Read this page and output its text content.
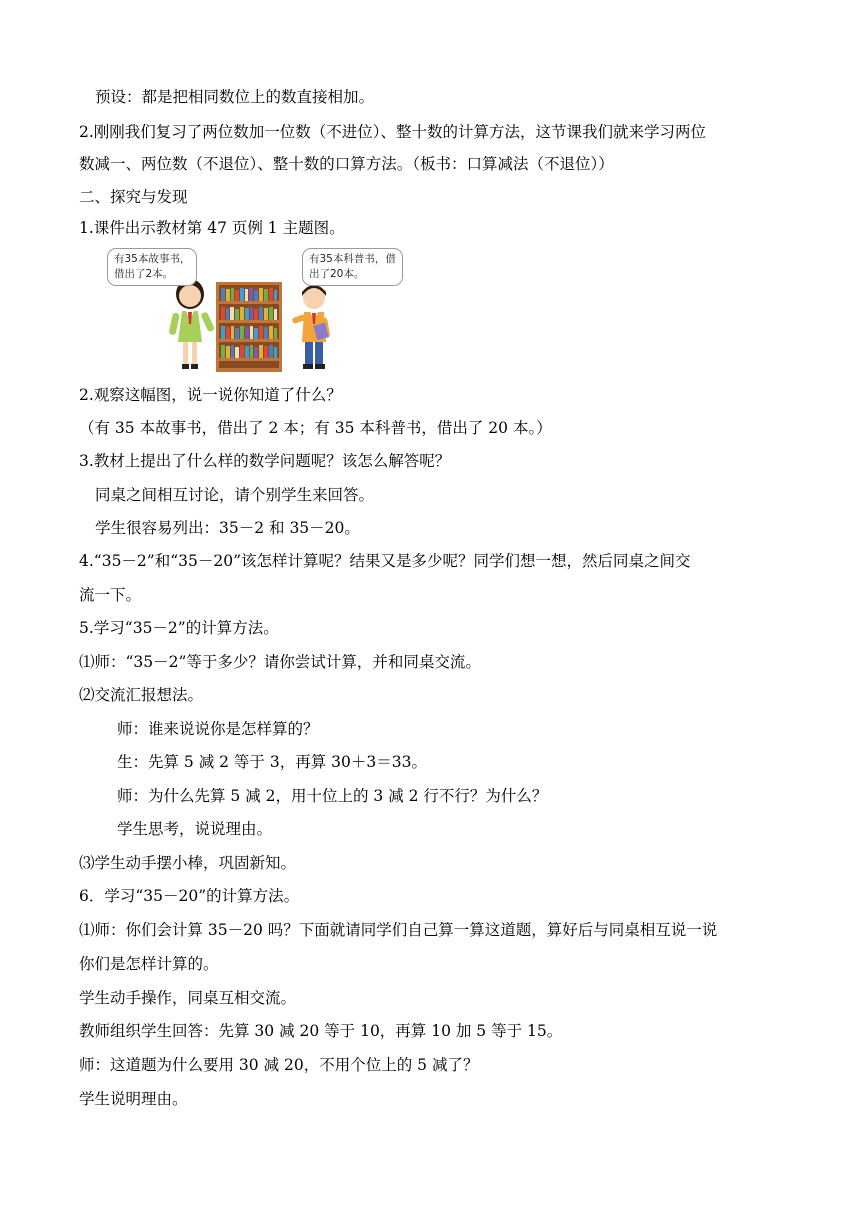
预设：都是把相同数位上的数直接相加。
2.刚刚我们复习了两位数加一位数（不进位）、整十数的计算方法，这节课我们就来学习两位
数减一、两位数（不退位）、整十数的口算方法。（板书：口算减法（不退位））
二、探究与发现
1.课件出示教材第 47 页例 1 主题图。
有35本故事书，
借出了2本。
有35本科普书，借
出了20本。
2.观察这幅图，说一说你知道了什么？
（有 35 本故事书，借出了 2 本；有 35 本科普书，借出了 20 本。）
3.教材上提出了什么样的数学问题呢？该怎么解答呢？
同桌之间相互讨论，请个别学生来回答。
学生很容易列出：35－2 和 35－20。
4.“35－2”和“35－20”该怎样计算呢？结果又是多少呢？同学们想一想，然后同桌之间交
流一下。
5.学习“35－2”的计算方法。
⑴师：“35－2”等于多少？请你尝试计算，并和同桌交流。
⑵交流汇报想法。
师：谁来说说你是怎样算的？
生：先算 5 减 2 等于 3，再算 30＋3＝33。
师：为什么先算 5 减 2，用十位上的 3 减 2 行不行？为什么？
学生思考，说说理由。
⑶学生动手摆小棒，巩固新知。
6．学习“35－20”的计算方法。
⑴师：你们会计算 35－20 吗？下面就请同学们自己算一算这道题，算好后与同桌相互说一说
你们是怎样计算的。
学生动手操作，同桌互相交流。
教师组织学生回答：先算 30 减 20 等于 10，再算 10 加 5 等于 15。
师：这道题为什么要用 30 减 20，不用个位上的 5 减了？
学生说明理由。
